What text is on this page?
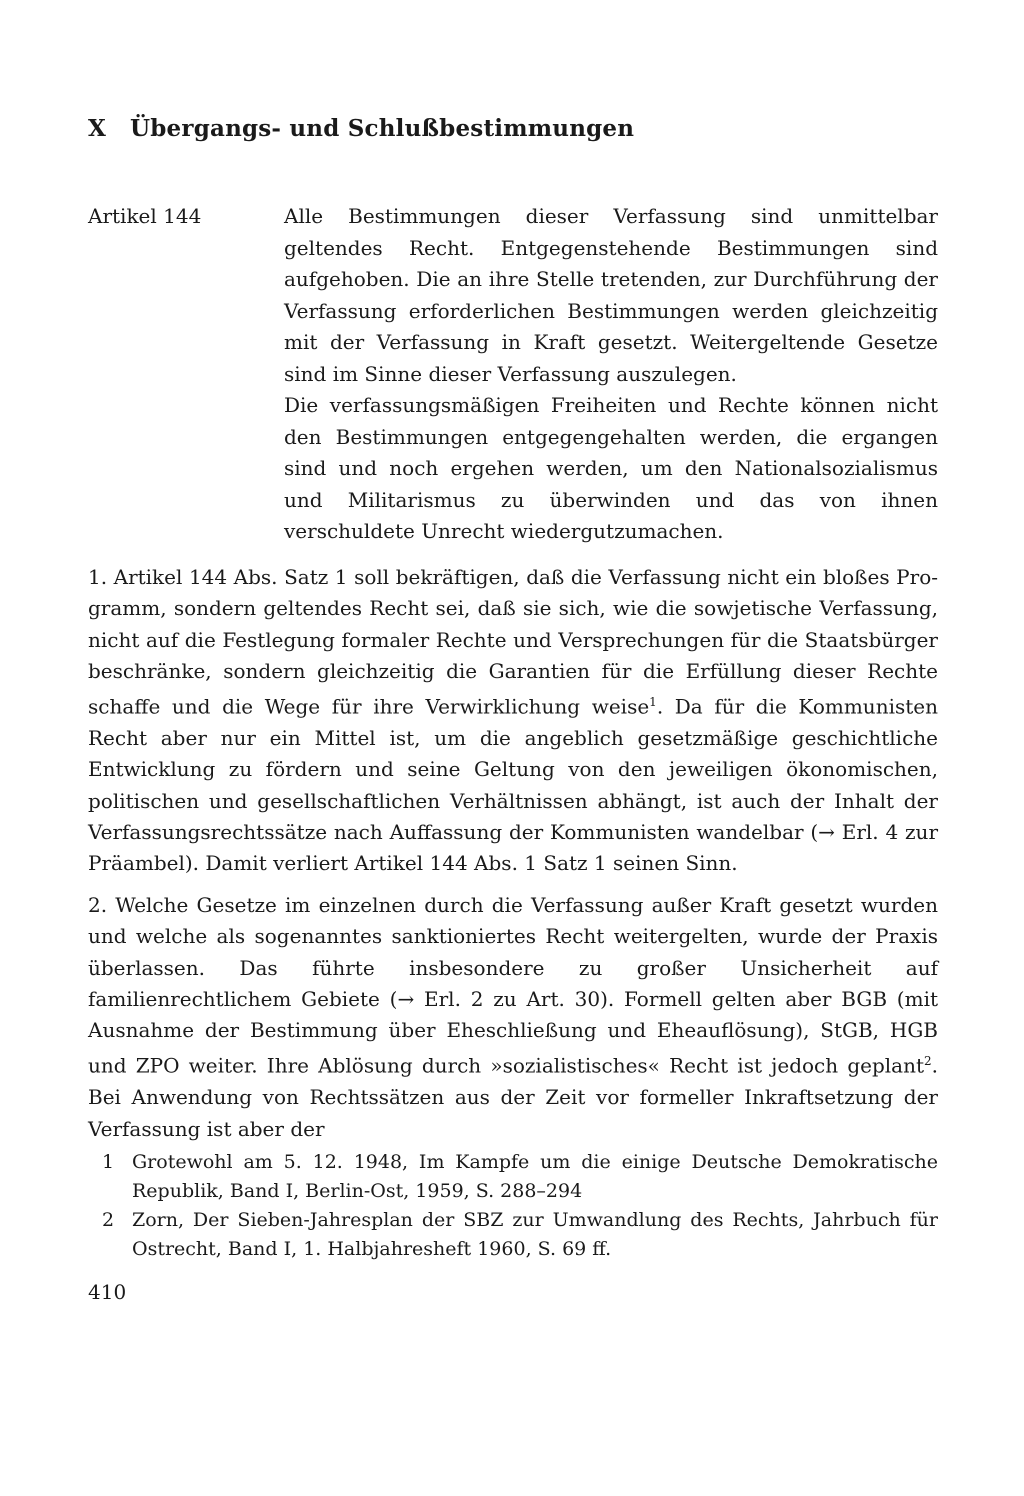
X Übergangs- und Schlußbestimmungen
Artikel 144	Alle Bestimmungen dieser Verfassung sind unmittelbar geltendes Recht. Entgegenstehende Bestimmungen sind aufgehoben. Die an ihre Stelle tretenden, zur Durchführung der Verfassung erforderlichen Bestimmungen werden gleichzeitig mit der Verfassung in Kraft gesetzt. Weitergeltende Gesetze sind im Sinne dieser Verfassung auszulegen.

Die verfassungsmäßigen Freiheiten und Rechte können nicht den Bestimmungen entgegengehalten werden, die ergangen sind und noch ergehen werden, um den Nationalsozialismus und Militarismus zu überwinden und das von ihnen verschuldete Unrecht wiedergutzumachen.

1. Artikel 144 Abs. Satz 1 soll bekräftigen, daß die Verfassung nicht ein bloßes Programm, sondern geltendes Recht sei, daß sie sich, wie die sowjetische Verfassung, nicht auf die Festlegung formaler Rechte und Versprechungen für die Staatsbürger beschränke, sondern gleichzeitig die Garantien für die Erfüllung dieser Rechte schaffe und die Wege für ihre Verwirklichung weise$^1$. Da für die Kommunisten Recht aber nur ein Mittel ist, um die angeblich gesetzmäßige geschichtliche Entwicklung zu fördern und seine Geltung von den jeweiligen ökonomischen, politischen und gesellschaftlichen Verhältnissen abhängt, ist auch der Inhalt der Verfassungsrechtssätze nach Auffassung der Kommunisten wandelbar (→ Erl. 4 zur Präambel). Damit verliert Artikel 144 Abs. 1 Satz 1 seinen Sinn.

2. Welche Gesetze im einzelnen durch die Verfassung außer Kraft gesetzt wurden und welche als sogenanntes sanktioniertes Recht weitergelten, wurde der Praxis überlassen. Das führte insbesondere zu großer Unsicherheit auf familienrechtlichem Gebiete (→ Erl. 2 zu Art. 30). Formell gelten aber BGB (mit Ausnahme der Bestimmung über Eheschließung und Eheauflösung), StGB, HGB und ZPO weiter. Ihre Ablösung durch »sozialistisches« Recht ist jedoch geplant$^2$. Bei Anwendung von Rechtssätzen aus der Zeit vor formeller Inkraftsetzung der Verfassung ist aber der

1 Grotewohl am 5. 12. 1948, Im Kampfe um die einige Deutsche Demokratische Republik, Band I, Berlin-Ost, 1959, S. 288–294
2 Zorn, Der Sieben-Jahresplan der SBZ zur Umwandlung des Rechts, Jahrbuch für Ostrecht, Band I, 1. Halbjahresheft 1960, S. 69 ff.
410
